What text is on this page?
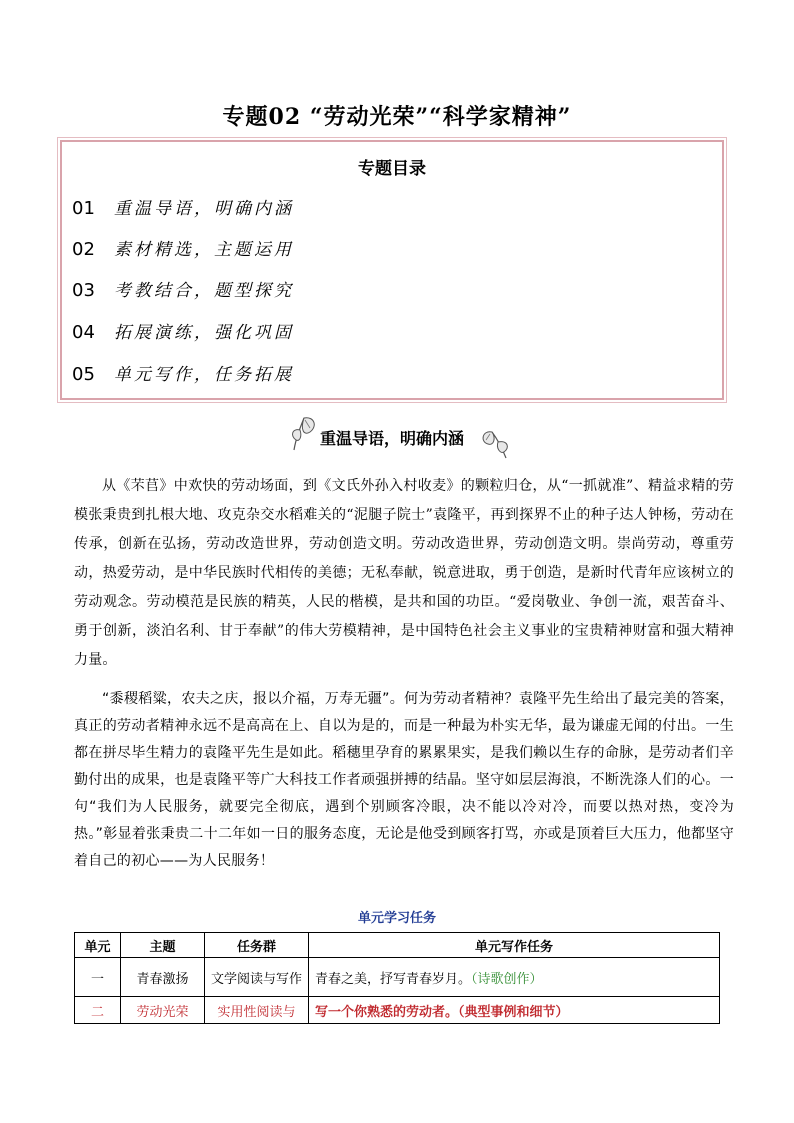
专题02 “劳动光荣”“科学家精神”
专题目录
01 重温导语，明确内涵
02 素材精选，主题运用
03 考教结合，题型探究
04 拓展演练，强化巩固
05 单元写作，任务拓展
重温导语，明确内涵
从《芣苢》中欢快的劳动场面，到《文氏外孙入村收麦》的颗粒归仓，从“一抓就准”、精益求精的劳模张秉贵到扎根大地、攻克杂交水稻难关的“泥腿子院士”袁隆平，再到探界不止的种子达人钟杨，劳动在传承，创新在弘扬，劳动改造世界，劳动创造文明。劳动改造世界，劳动创造文明。崇尚劳动，尊重劳动，热爱劳动，是中华民族时代相传的美德；无私奉献，锐意进取，勇于创造，是新时代青年应该树立的劳动观念。劳动模范是民族的精英，人民的楷模，是共和国的功臣。“爱岗敬业、争创一流，艰苦奋斗、勇于创新，淡泊名利、甘于奉献”的伟大劳模精神，是中国特色社会主义事业的宝贵精神财富和强大精神力量。
“黍稷稻粱，农夫之庆，报以介福，万寿无疆”。何为劳动者精神？袁隆平先生给出了最完美的答案，真正的劳动者精神永远不是高高在上、自以为是的，而是一种最为朴实无华，最为谦虚无闻的付出。一生都在拼尽毕生精力的袁隆平先生是如此。稻穗里孕育的累累果实，是我们赖以生存的命脉，是劳动者们辛勤付出的成果，也是袁隆平等广大科技工作者顽强拼搏的结晶。坚守如层层海浪，不断洗涤人们的心。一句“我们为人民服务，就要完全彻底，遇到个别顾客冷眼，决不能以冷对冷，而要以热对热，变冷为热。”彰显着张秉贵二十二年如一日的服务态度，无论是他受到顾客打骂，亦或是顶着巨大压力，他都坚守着自己的初心——为人民服务！
单元学习任务
单元	主题	任务群	单元写作任务
一	青春激扬	文学阅读与写作	青春之美，抒写青春岁月。（诗歌创作）
二	劳动光荣	实用性阅读与	写一个你熟悉的劳动者。（典型事例和细节）
